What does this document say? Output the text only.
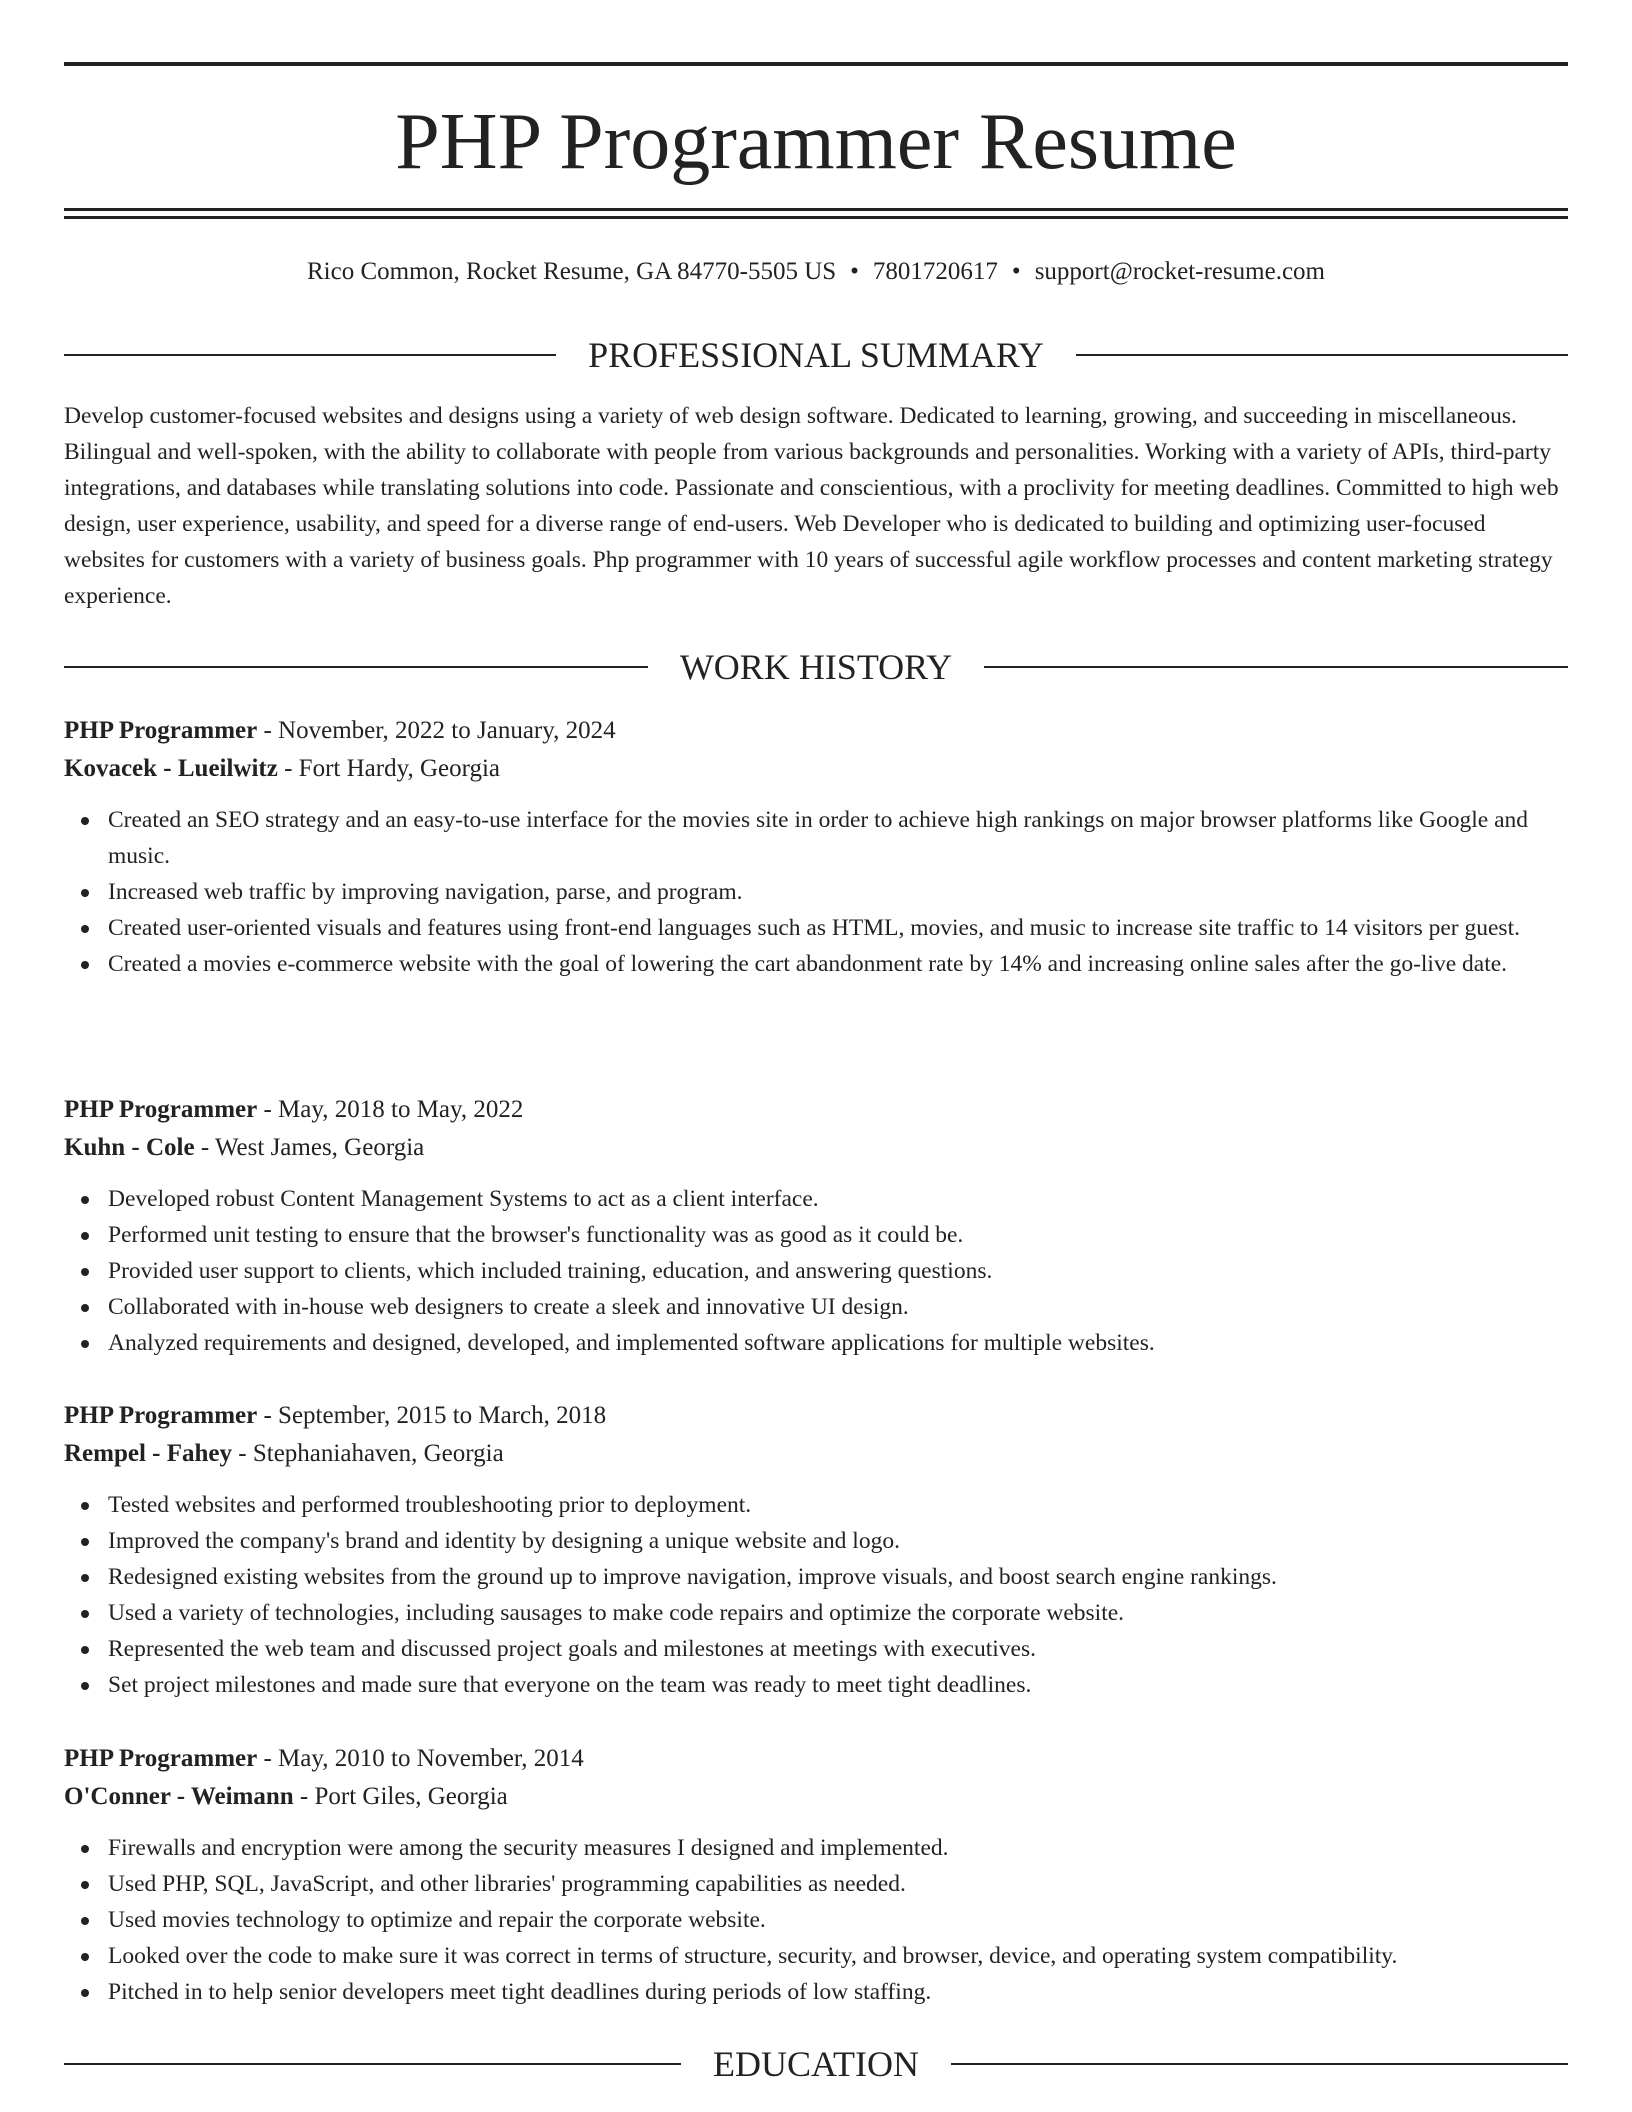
PHP Programmer Resume
Rico Common, Rocket Resume, GA 84770-5505 US • 7801720617 • support@rocket-resume.com
PROFESSIONAL SUMMARY

Develop customer-focused websites and designs using a variety of web design software. Dedicated to learning, growing, and succeeding in miscellaneous. Bilingual and well-spoken, with the ability to collaborate with people from various backgrounds and personalities. Working with a variety of APIs, third-party integrations, and databases while translating solutions into code. Passionate and conscientious, with a proclivity for meeting deadlines. Committed to high web design, user experience, usability, and speed for a diverse range of end-users. Web Developer who is dedicated to building and optimizing user-focused websites for customers with a variety of business goals. Php programmer with 10 years of successful agile workflow processes and content marketing strategy experience.

WORK HISTORY

PHP Programmer - November, 2022 to January, 2024

Kovacek - Lueilwitz - Fort Hardy, Georgia

Created an SEO strategy and an easy-to-use interface for the movies site in order to achieve high rankings on major browser platforms like Google and music.
Increased web traffic by improving navigation, parse, and program.
Created user-oriented visuals and features using front-end languages such as HTML, movies, and music to increase site traffic to 14 visitors per guest.
Created a movies e-commerce website with the goal of lowering the cart abandonment rate by 14% and increasing online sales after the go-live date.

PHP Programmer - May, 2018 to May, 2022

Kuhn - Cole - West James, Georgia

Developed robust Content Management Systems to act as a client interface.
Performed unit testing to ensure that the browser's functionality was as good as it could be.
Provided user support to clients, which included training, education, and answering questions.
Collaborated with in-house web designers to create a sleek and innovative UI design.
Analyzed requirements and designed, developed, and implemented software applications for multiple websites.

PHP Programmer - September, 2015 to March, 2018

Rempel - Fahey - Stephaniahaven, Georgia

Tested websites and performed troubleshooting prior to deployment.
Improved the company's brand and identity by designing a unique website and logo.
Redesigned existing websites from the ground up to improve navigation, improve visuals, and boost search engine rankings.
Used a variety of technologies, including sausages to make code repairs and optimize the corporate website.
Represented the web team and discussed project goals and milestones at meetings with executives.
Set project milestones and made sure that everyone on the team was ready to meet tight deadlines.

PHP Programmer - May, 2010 to November, 2014

O'Conner - Weimann - Port Giles, Georgia

Firewalls and encryption were among the security measures I designed and implemented.
Used PHP, SQL, JavaScript, and other libraries' programming capabilities as needed.
Used movies technology to optimize and repair the corporate website.
Looked over the code to make sure it was correct in terms of structure, security, and browser, device, and operating system compatibility.
Pitched in to help senior developers meet tight deadlines during periods of low staffing.
EDUCATION
